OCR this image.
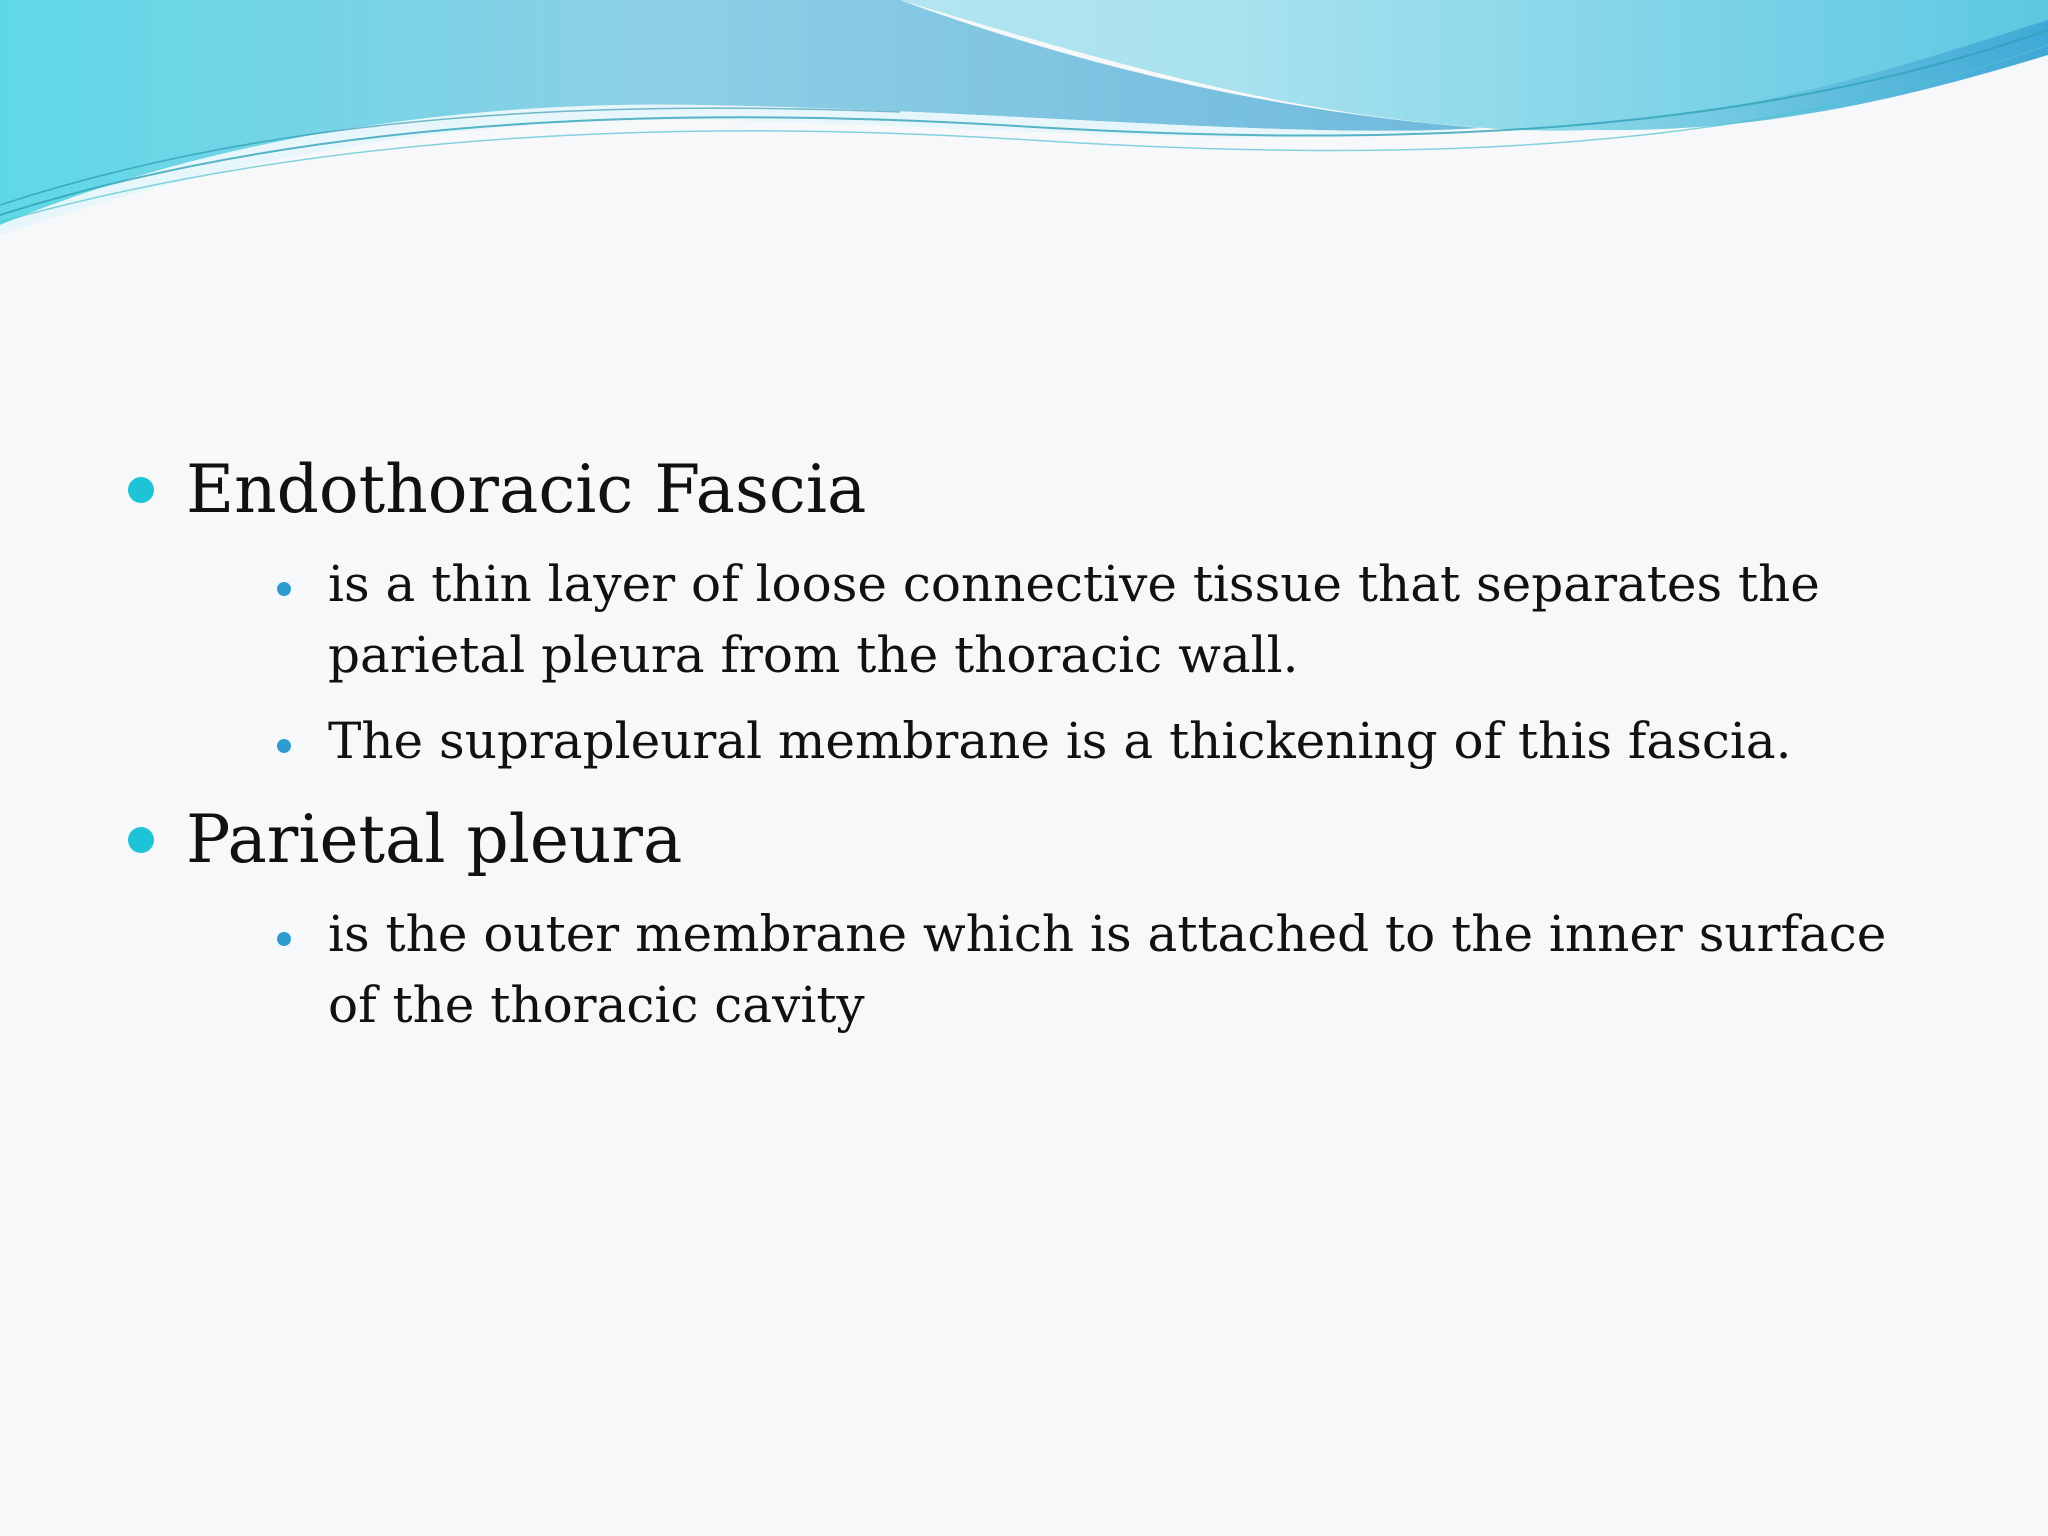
Endothoracic Fascia
is a thin layer of loose connective tissue that separates the parietal pleura from the thoracic wall.
The suprapleural membrane is a thickening of this fascia.
Parietal pleura
is the outer membrane which is attached to the inner surface of the thoracic cavity
